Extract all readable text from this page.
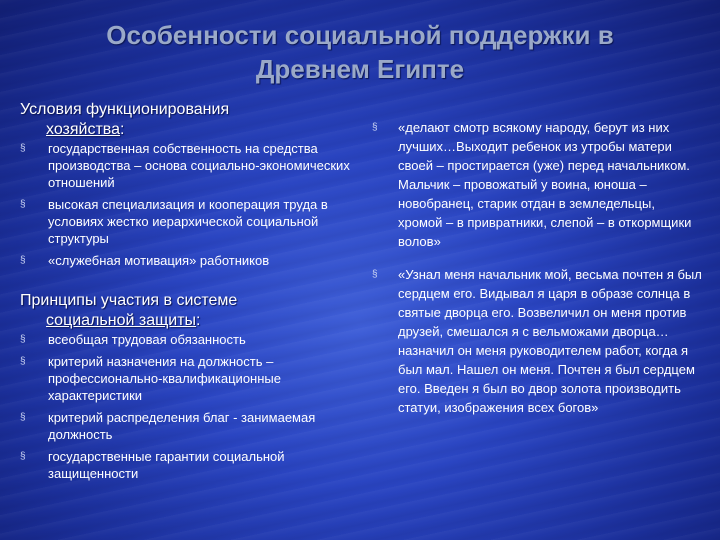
Особенности социальной поддержки в
Древнем Египте

Условия функционирования
хозяйства:

§ государственная собственность на средства производства – основа социально-экономических отношений
§ высокая специализация и кооперация труда в условиях жестко иерархической социальной структуры
§ «служебная мотивация» работников

Принципы участия в системе
социальной защиты:

§ всеобщая трудовая обязанность
§ критерий назначения на должность – профессионально-квалификационные характеристики
§ критерий распределения благ - занимаемая должность
§ государственные гарантии социальной защищенности
§ «делают смотр всякому народу, берут из них лучших…Выходит ребенок из утробы матери своей – простирается (уже) перед начальником. Мальчик – провожатый у воина, юноша – новобранец, старик отдан в земледельцы, хромой – в привратники, слепой – в откормщики волов»
§ «Узнал меня начальник мой, весьма почтен я был сердцем его. Видывал я царя в образе солнца в святые дворца его. Возвеличил он меня против друзей, смешался я с вельможами дворца… назначил он меня руководителем работ, когда я был мал. Нашел он меня. Почтен я был сердцем его. Введен я был во двор золота производить статуи, изображения всех богов»
